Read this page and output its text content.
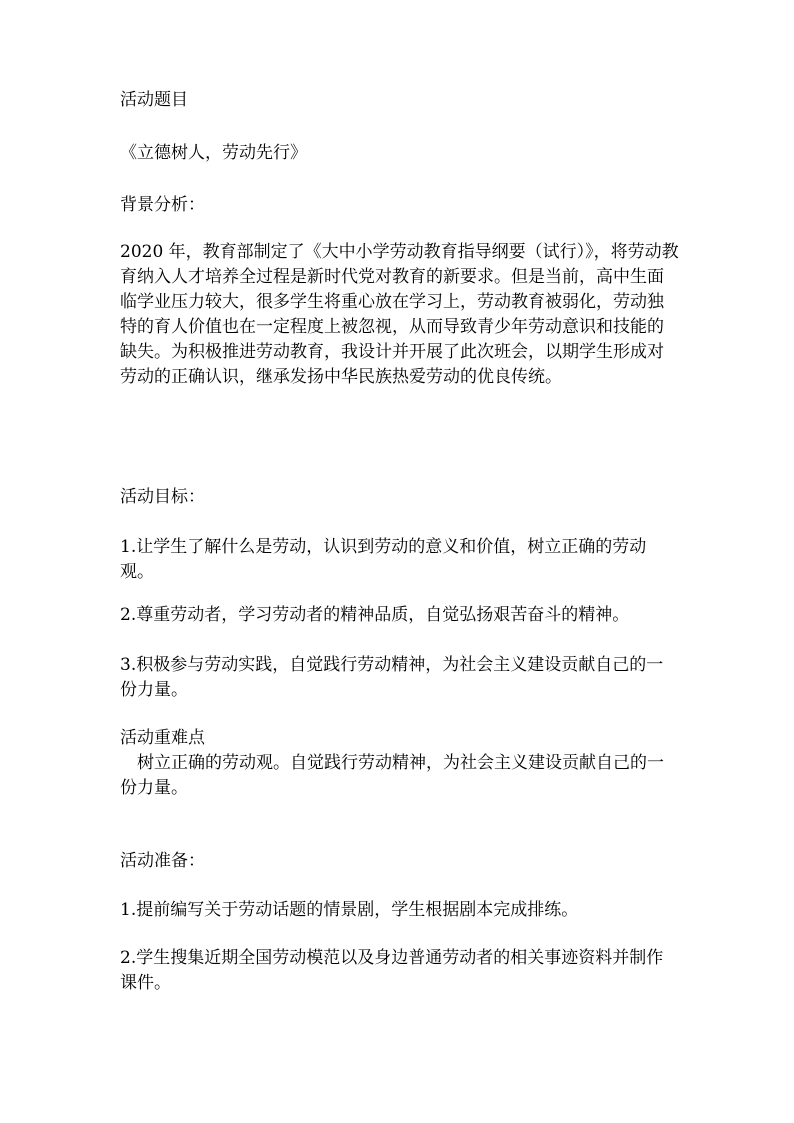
活动题目

《立德树人，劳动先行》

背景分析：

2020 年，教育部制定了《大中小学劳动教育指导纲要（试行）》，将劳动教育纳入人才培养全过程是新时代党对教育的新要求。但是当前，高中生面临学业压力较大，很多学生将重心放在学习上，劳动教育被弱化，劳动独特的育人价值也在一定程度上被忽视，从而导致青少年劳动意识和技能的缺失。为积极推进劳动教育，我设计并开展了此次班会，以期学生形成对劳动的正确认识，继承发扬中华民族热爱劳动的优良传统。

活动目标：

1.让学生了解什么是劳动，认识到劳动的意义和价值，树立正确的劳动观。

2.尊重劳动者，学习劳动者的精神品质，自觉弘扬艰苦奋斗的精神。

3.积极参与劳动实践，自觉践行劳动精神，为社会主义建设贡献自己的一份力量。

活动重难点

树立正确的劳动观。自觉践行劳动精神，为社会主义建设贡献自己的一份力量。

活动准备：

1.提前编写关于劳动话题的情景剧，学生根据剧本完成排练。

2.学生搜集近期全国劳动模范以及身边普通劳动者的相关事迹资料并制作课件。
